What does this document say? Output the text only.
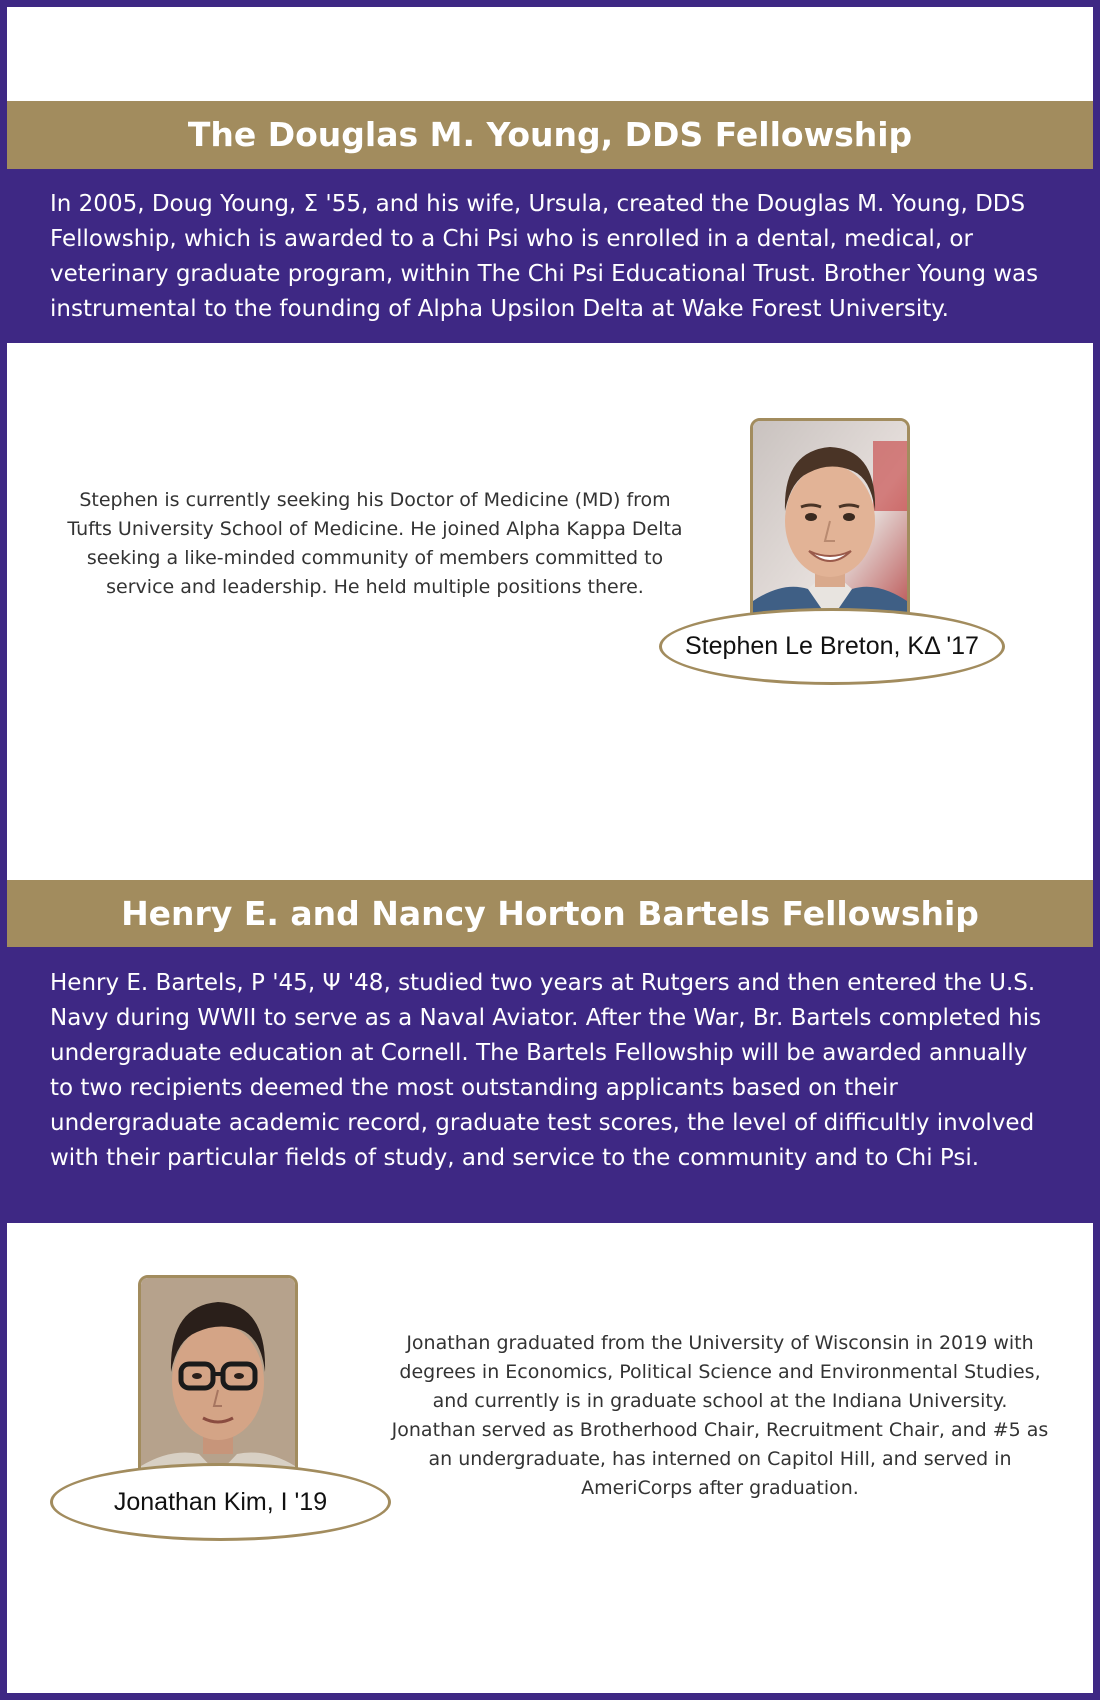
The Douglas M. Young, DDS Fellowship
In 2005, Doug Young, Σ '55, and his wife, Ursula, created the Douglas M. Young, DDS Fellowship, which is awarded to a Chi Psi who is enrolled in a dental, medical, or veterinary graduate program, within The Chi Psi Educational Trust. Brother Young was instrumental to the founding of Alpha Upsilon Delta at Wake Forest University.
Stephen is currently seeking his Doctor of Medicine (MD) from Tufts University School of Medicine. He joined Alpha Kappa Delta seeking a like-minded community of members committed to service and leadership. He held multiple positions there.
Stephen Le Breton, KΔ '17
Henry E. and Nancy Horton Bartels Fellowship
Henry E. Bartels, P '45, Ψ '48, studied two years at Rutgers and then entered the U.S. Navy during WWII to serve as a Naval Aviator. After the War, Br. Bartels completed his undergraduate education at Cornell. The Bartels Fellowship will be awarded annually to two recipients deemed the most outstanding applicants based on their undergraduate academic record, graduate test scores, the level of difficultly involved with their particular fields of study, and service to the community and to Chi Psi.
Jonathan Kim, I '19
Jonathan graduated from the University of Wisconsin in 2019 with degrees in Economics, Political Science and Environmental Studies, and currently is in graduate school at the Indiana University. Jonathan served as Brotherhood Chair, Recruitment Chair, and #5 as an undergraduate, has interned on Capitol Hill, and served in AmeriCorps after graduation.
